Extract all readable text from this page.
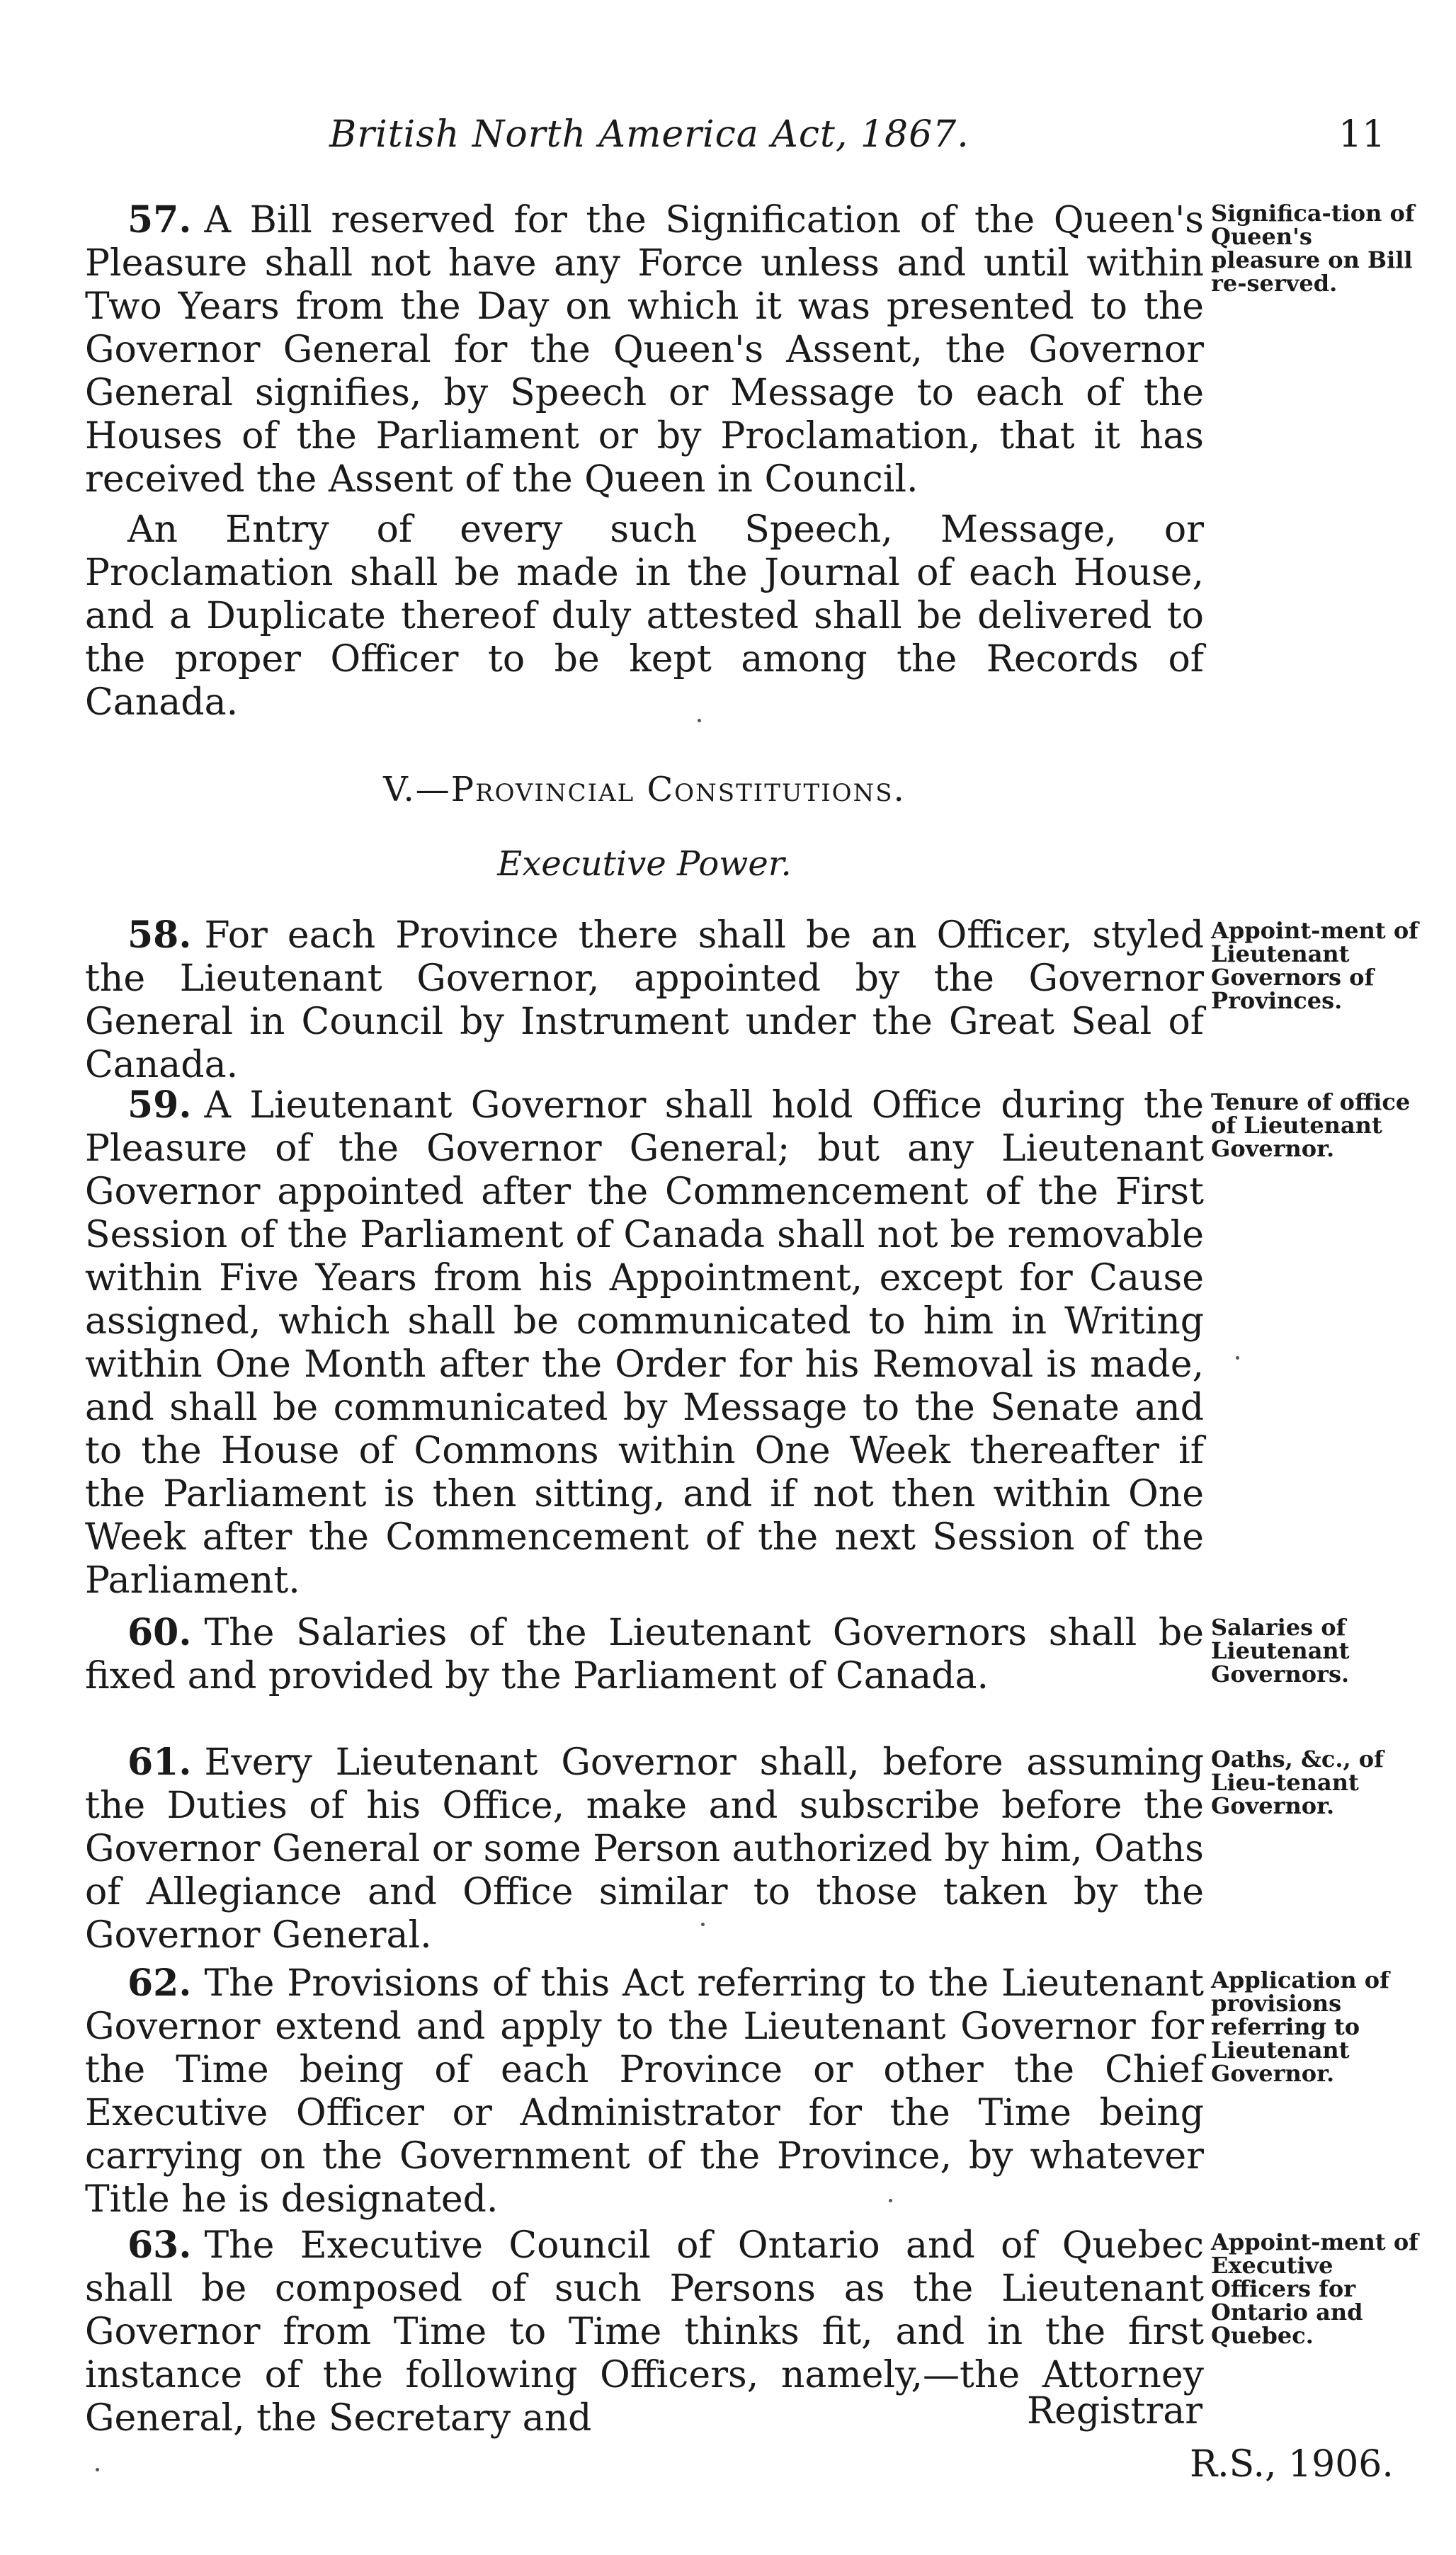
British North America Act, 1867.	11
57. A Bill reserved for the Signification of the Queen's Pleasure shall not have any Force unless and until within Two Years from the Day on which it was presented to the Governor General for the Queen's Assent, the Governor General signifies, by Speech or Message to each of the Houses of the Parliament or by Proclamation, that it has received the Assent of the Queen in Council.
An Entry of every such Speech, Message, or Proclamation shall be made in the Journal of each House, and a Duplicate thereof duly attested shall be delivered to the proper Officer to be kept among the Records of Canada.
V.—Provincial Constitutions.
Executive Power.
58. For each Province there shall be an Officer, styled the Lieutenant Governor, appointed by the Governor General in Council by Instrument under the Great Seal of Canada.
59. A Lieutenant Governor shall hold Office during the Pleasure of the Governor General; but any Lieutenant Governor appointed after the Commencement of the First Session of the Parliament of Canada shall not be removable within Five Years from his Appointment, except for Cause assigned, which shall be communicated to him in Writing within One Month after the Order for his Removal is made, and shall be communicated by Message to the Senate and to the House of Commons within One Week thereafter if the Parliament is then sitting, and if not then within One Week after the Commencement of the next Session of the Parliament.
60. The Salaries of the Lieutenant Governors shall be fixed and provided by the Parliament of Canada.
61. Every Lieutenant Governor shall, before assuming the Duties of his Office, make and subscribe before the Governor General or some Person authorized by him, Oaths of Allegiance and Office similar to those taken by the Governor General.
62. The Provisions of this Act referring to the Lieutenant Governor extend and apply to the Lieutenant Governor for the Time being of each Province or other the Chief Executive Officer or Administrator for the Time being carrying on the Government of the Province, by whatever Title he is designated.
63. The Executive Council of Ontario and of Quebec shall be composed of such Persons as the Lieutenant Governor from Time to Time thinks fit, and in the first instance of the following Officers, namely,—the Attorney General, the Secretary and
Significa-tion of Queen's pleasure on Bill re-served.
Appoint-ment of Lieutenant Governors of Provinces.
Tenure of office of Lieutenant Governor.
Salaries of Lieutenant Governors.
Oaths, &c., of Lieu-tenant Governor.
Application of provisions referring to Lieutenant Governor.
Appoint-ment of Executive Officers for Ontario and Quebec.
Registrar
R.S., 1906.
